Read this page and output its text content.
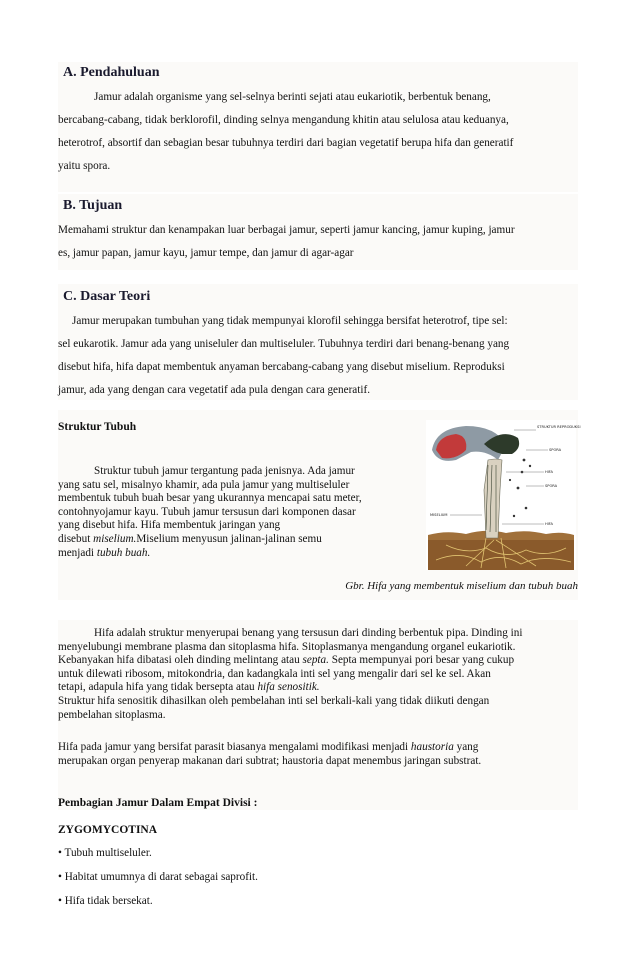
A. Pendahuluan
Jamur adalah organisme yang sel-selnya berinti sejati atau eukariotik, berbentuk benang,
bercabang-cabang, tidak berklorofil, dinding selnya mengandung khitin atau selulosa atau keduanya,
heterotrof, absortif dan sebagian besar tubuhnya terdiri dari bagian vegetatif berupa hifa dan generatif
yaitu spora.
B. Tujuan
Memahami struktur dan kenampakan luar berbagai jamur, seperti jamur kancing, jamur kuping, jamur
es, jamur papan, jamur kayu, jamur tempe, dan jamur di agar-agar
C. Dasar Teori
Jamur merupakan tumbuhan yang tidak mempunyai klorofil sehingga bersifat heterotrof, tipe sel:
sel eukarotik. Jamur ada yang uniseluler dan multiseluler. Tubuhnya terdiri dari benang-benang yang
disebut hifa, hifa dapat membentuk anyaman bercabang-cabang yang disebut miselium. Reproduksi
jamur, ada yang dengan cara vegetatif ada pula dengan cara generatif.
Struktur Tubuh
Struktur tubuh jamur tergantung pada jenisnya. Ada jamur
yang satu sel, misalnyo khamir, ada pula jamur yang multiseluler
membentuk tubuh buah besar yang ukurannya mencapai satu meter,
contohnyojamur kayu. Tubuh jamur tersusun dari komponen dasar
yang disebut hifa. Hifa membentuk jaringan yang
disebut miselium.Miselium menyusun jalinan-jalinan semu
menjadi tubuh buah.
STRUKTUR REPRODUKSI
SPORA
HIFA
SPORA
MISELIUM
HIFA
Gbr. Hifa yang membentuk miselium dan tubuh buah
Hifa adalah struktur menyerupai benang yang tersusun dari dinding berbentuk pipa. Dinding ini
menyelubungi membrane plasma dan sitoplasma hifa. Sitoplasmanya mengandung organel eukariotik.
Kebanyakan hifa dibatasi oleh dinding melintang atau septa. Septa mempunyai pori besar yang cukup
untuk dilewati ribosom, mitokondria, dan kadangkala inti sel yang mengalir dari sel ke sel. Akan
tetapi, adapula hifa yang tidak bersepta atau hifa senositik.
Struktur hifa senositik dihasilkan oleh pembelahan inti sel berkali-kali yang tidak diikuti dengan
pembelahan sitoplasma.
Hifa pada jamur yang bersifat parasit biasanya mengalami modifikasi menjadi haustoria yang
merupakan organ penyerap makanan dari subtrat; haustoria dapat menembus jaringan substrat.
Pembagian Jamur Dalam Empat Divisi :
ZYGOMYCOTINA
• Tubuh multiseluler.
• Habitat umumnya di darat sebagai saprofit.
• Hifa tidak bersekat.
